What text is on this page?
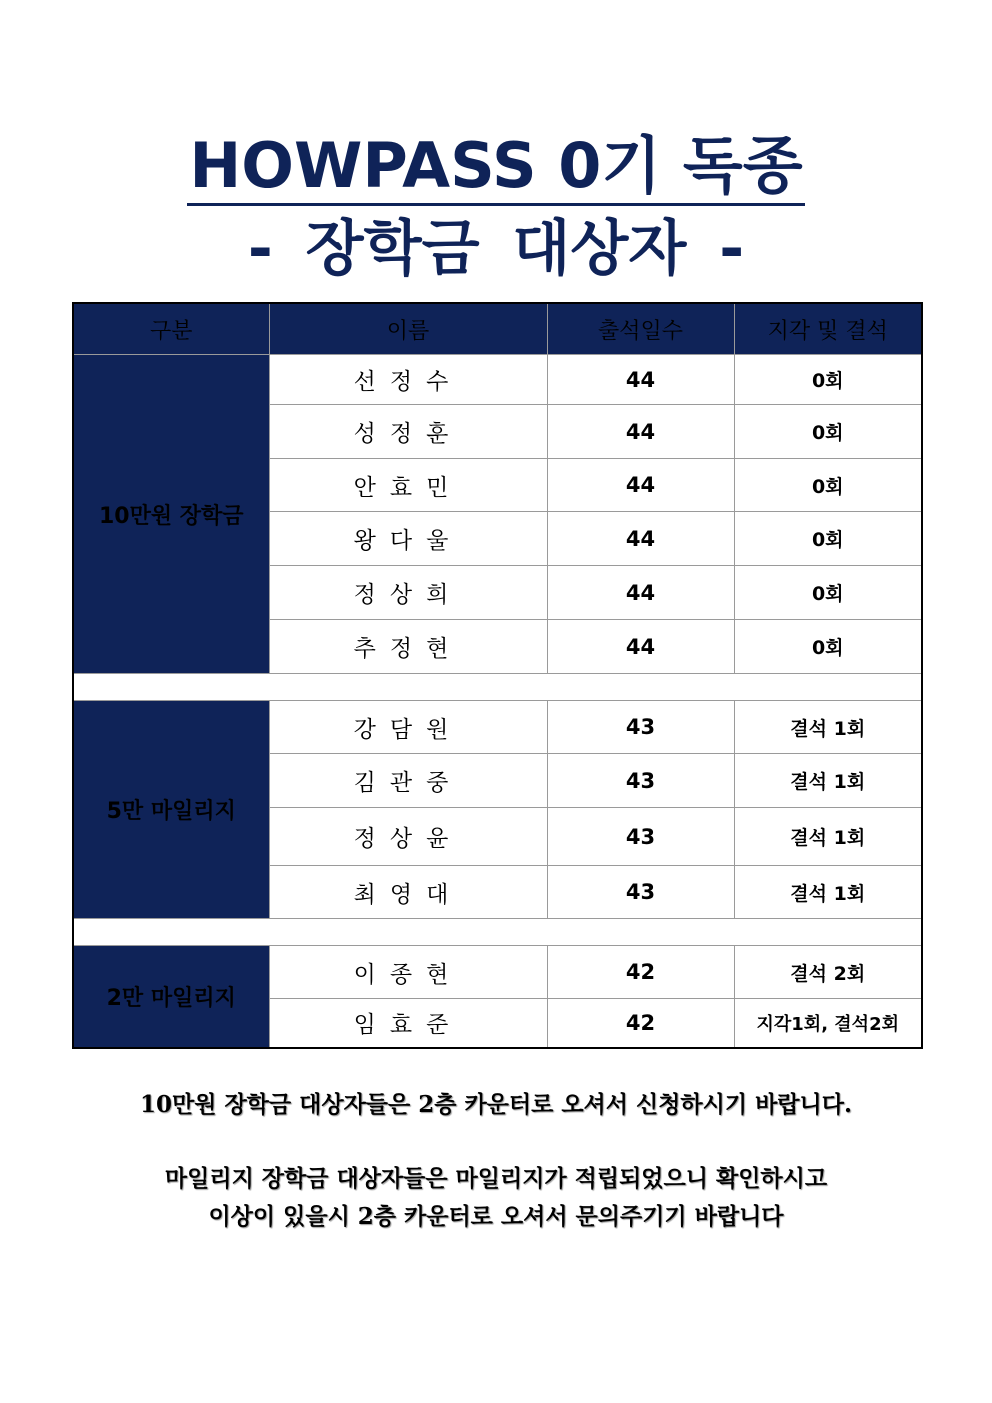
HOWPASS 0기 독종
- 장학금 대상자 -
구분	이름	출석일수	지각 및 결석
10만원 장학금	선정수	44	0회
	성정훈	44	0회
	안효민	44	0회
	왕다울	44	0회
	정상희	44	0회
	추정현	44	0회

5만 마일리지	강담원	43	결석 1회
	김관중	43	결석 1회
	정상윤	43	결석 1회
	최영대	43	결석 1회

2만 마일리지	이종현	42	결석 2회
	임효준	42	지각1회, 결석2회
10만원 장학금 대상자들은 2층 카운터로 오셔서 신청하시기 바랍니다.
마일리지 장학금 대상자들은 마일리지가 적립되었으니 확인하시고
이상이 있을시 2층 카운터로 오셔서 문의주기기 바랍니다
